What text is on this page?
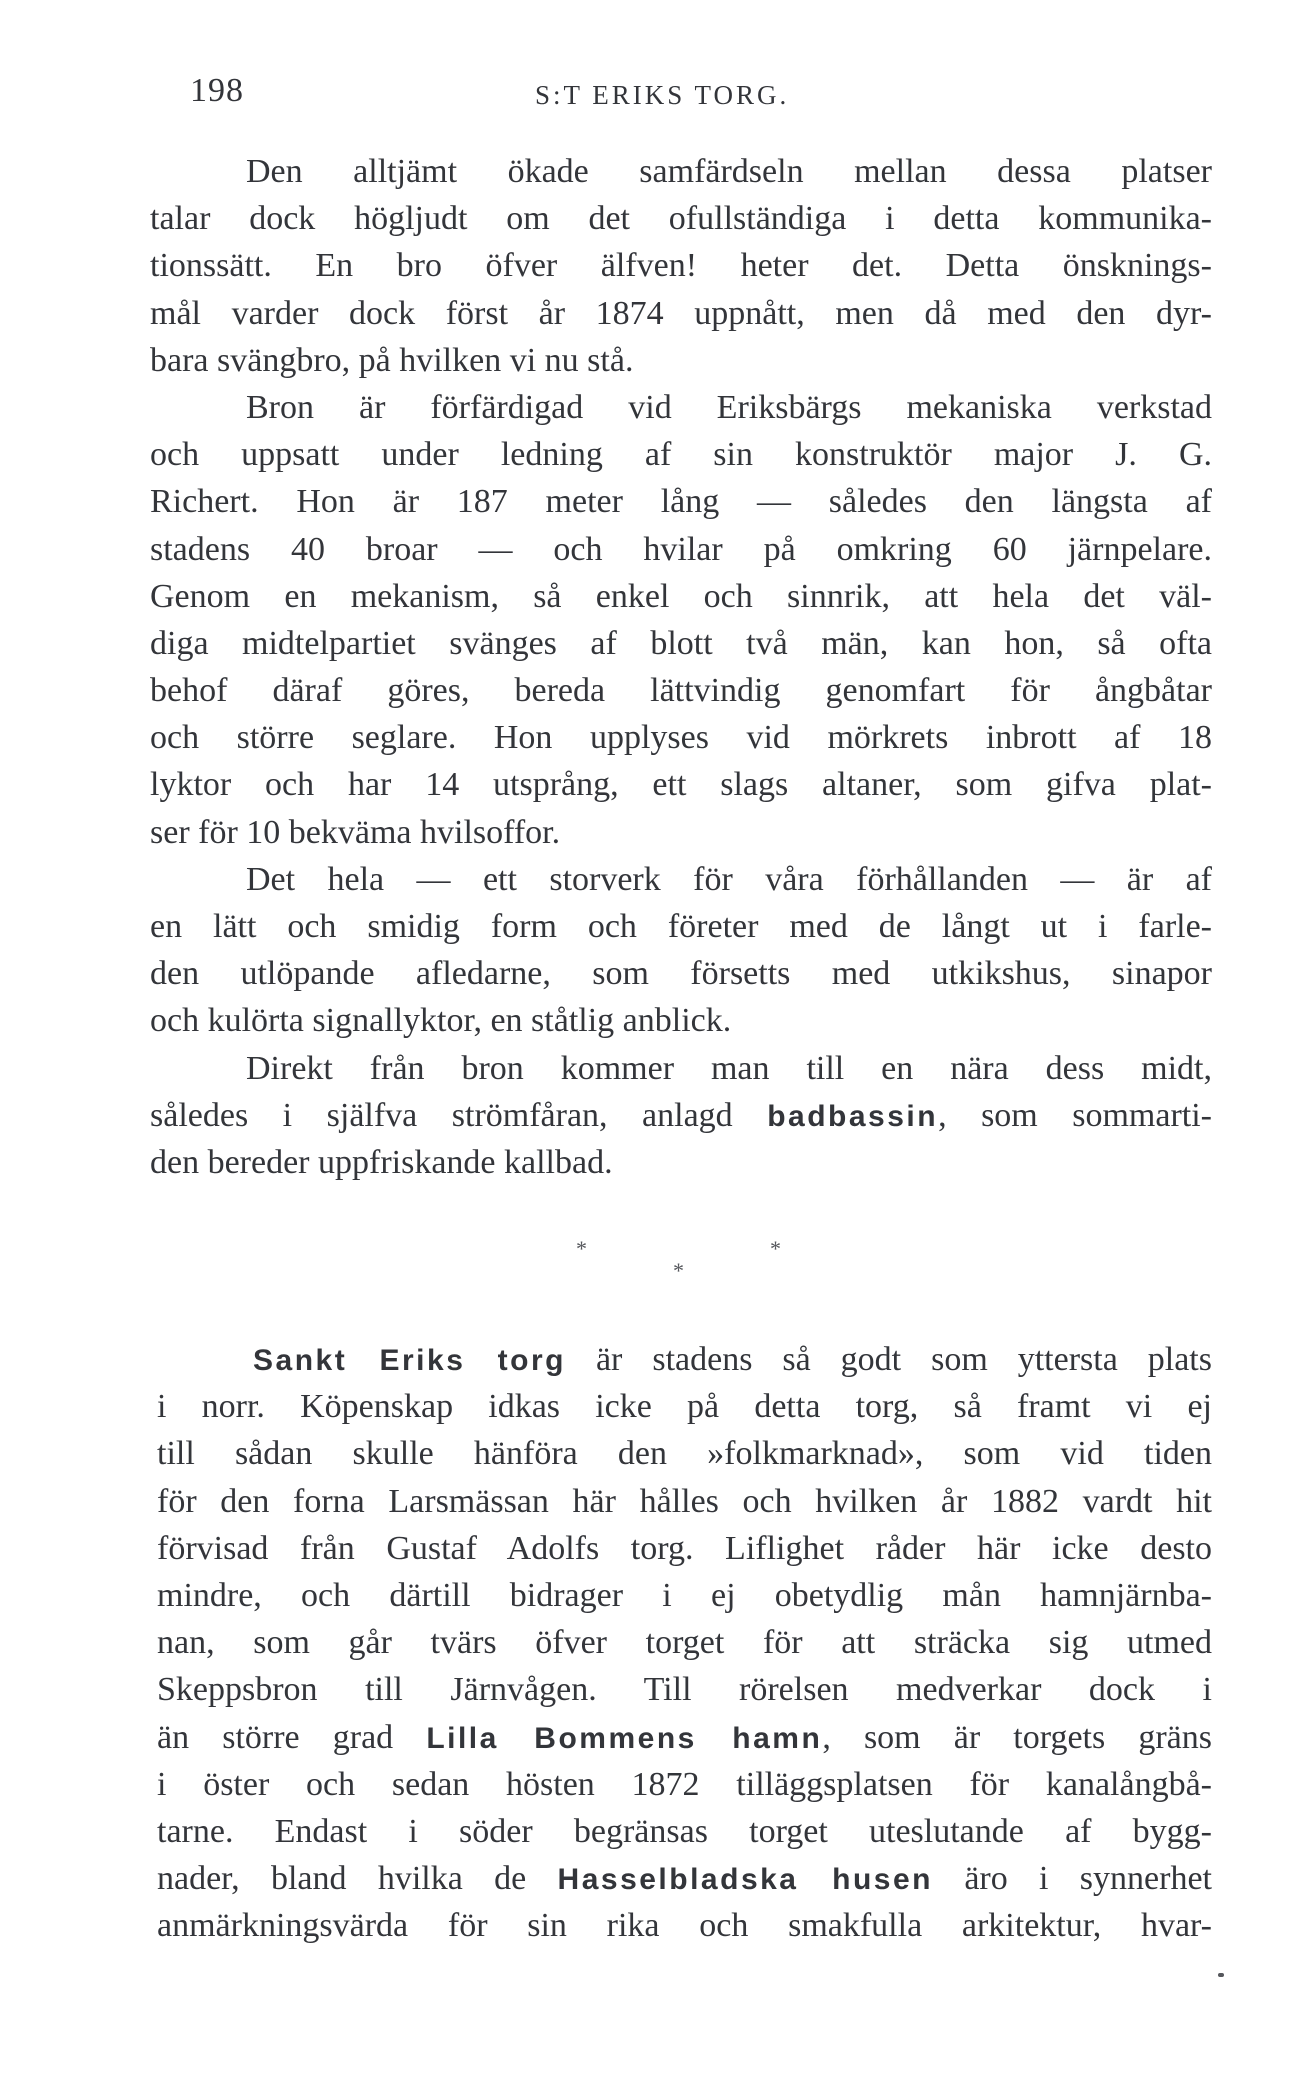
198	S:T ERIKS TORG.
Den alltjämt ökade samfärdseln mellan dessa platser
talar dock högljudt om det ofullständiga i detta kommunika-
tionssätt. En bro öfver älfven! heter det. Detta önsknings-
mål varder dock först år 1874 uppnått, men då med den dyr-
bara svängbro, på hvilken vi nu stå.
Bron är förfärdigad vid Eriksbärgs mekaniska verkstad
och uppsatt under ledning af sin konstruktör major J. G.
Richert. Hon är 187 meter lång — således den längsta af
stadens 40 broar — och hvilar på omkring 60 järnpelare.
Genom en mekanism, så enkel och sinnrik, att hela det väl-
diga midtelpartiet svänges af blott två män, kan hon, så ofta
behof däraf göres, bereda lättvindig genomfart för ångbåtar
och större seglare. Hon upplyses vid mörkrets inbrott af 18
lyktor och har 14 utsprång, ett slags altaner, som gifva plat-
ser för 10 bekväma hvilsoffor.
Det hela — ett storverk för våra förhållanden — är af
en lätt och smidig form och företer med de långt ut i farle-
den utlöpande afledarne, som försetts med utkikshus, sinapor
och kulörta signallyktor, en ståtlig anblick.
Direkt från bron kommer man till en nära dess midt,
således i själfva strömfåran, anlagd badbassin, som sommarti-
den bereder uppfriskande kallbad.
*	*
*
Sankt Eriks torg är stadens så godt som yttersta plats
i norr. Köpenskap idkas icke på detta torg, så framt vi ej
till sådan skulle hänföra den »folkmarknad», som vid tiden
för den forna Larsmässan här hålles och hvilken år 1882 vardt hit
förvisad från Gustaf Adolfs torg. Liflighet råder här icke desto
mindre, och därtill bidrager i ej obetydlig mån hamnjärnba-
nan, som går tvärs öfver torget för att sträcka sig utmed
Skeppsbron till Järnvågen. Till rörelsen medverkar dock i
än större grad Lilla Bommens hamn, som är torgets gräns
i öster och sedan hösten 1872 tilläggsplatsen för kanalångbå-
tarne. Endast i söder begränsas torget uteslutande af bygg-
nader, bland hvilka de Hasselbladska husen äro i synnerhet
anmärkningsvärda för sin rika och smakfulla arkitektur, hvar-
